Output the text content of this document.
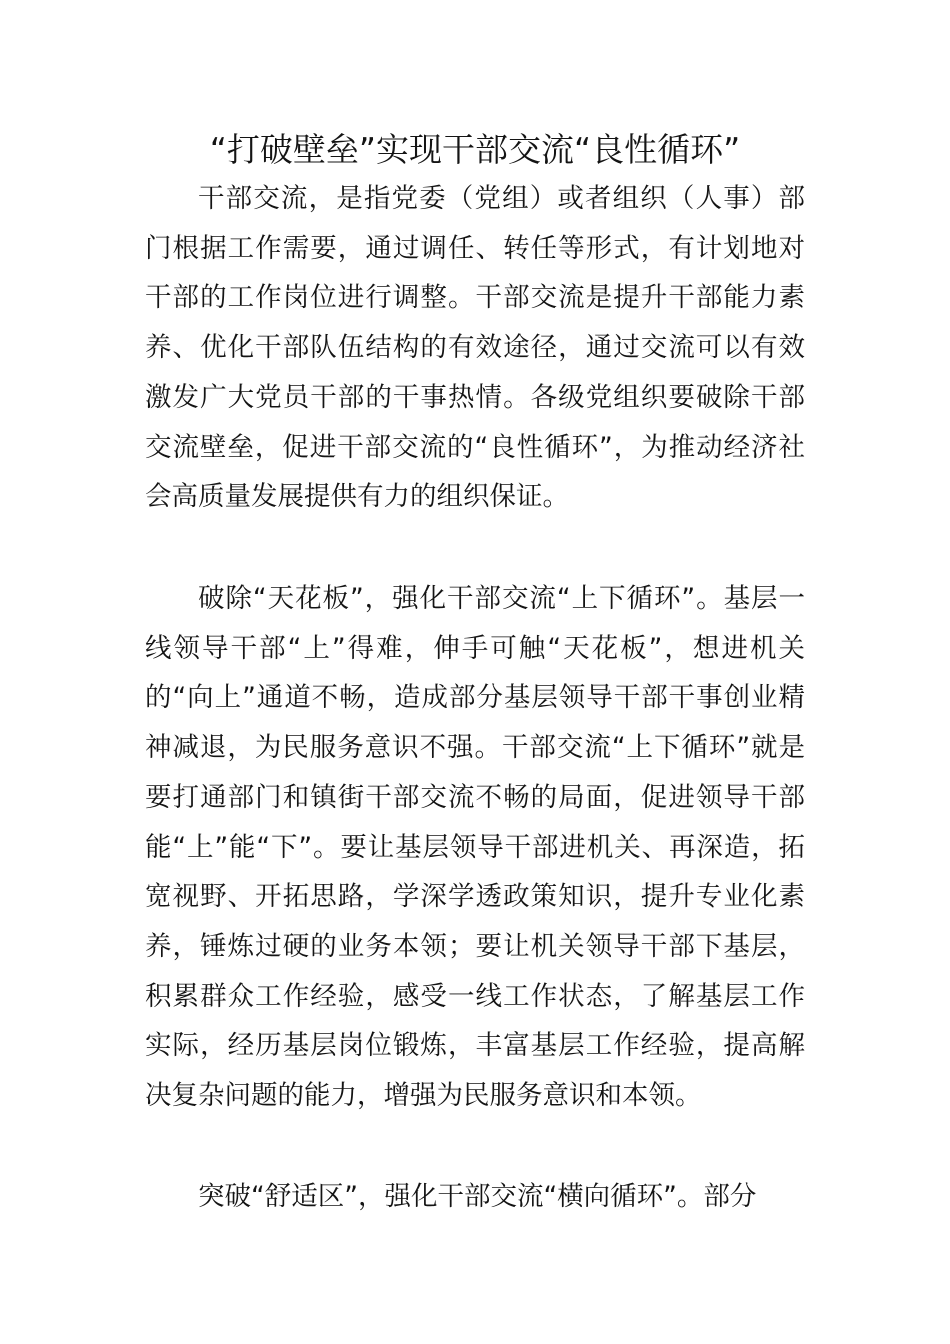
“打破壁垒”实现干部交流“良性循环”

干部交流，是指党委（党组）或者组织（人事）部门根据工作需要，通过调任、转任等形式，有计划地对干部的工作岗位进行调整。干部交流是提升干部能力素养、优化干部队伍结构的有效途径，通过交流可以有效激发广大党员干部的干事热情。各级党组织要破除干部交流壁垒，促进干部交流的“良性循环”，为推动经济社会高质量发展提供有力的组织保证。

破除“天花板”，强化干部交流“上下循环”。基层一线领导干部“上”得难，伸手可触“天花板”，想进机关的“向上”通道不畅，造成部分基层领导干部干事创业精神减退，为民服务意识不强。干部交流“上下循环”就是要打通部门和镇街干部交流不畅的局面，促进领导干部能“上”能“下”。要让基层领导干部进机关、再深造，拓宽视野、开拓思路，学深学透政策知识，提升专业化素养，锤炼过硬的业务本领；要让机关领导干部下基层，积累群众工作经验，感受一线工作状态，了解基层工作实际，经历基层岗位锻炼，丰富基层工作经验，提高解决复杂问题的能力，增强为民服务意识和本领。

突破“舒适区”，强化干部交流“横向循环”。部分
